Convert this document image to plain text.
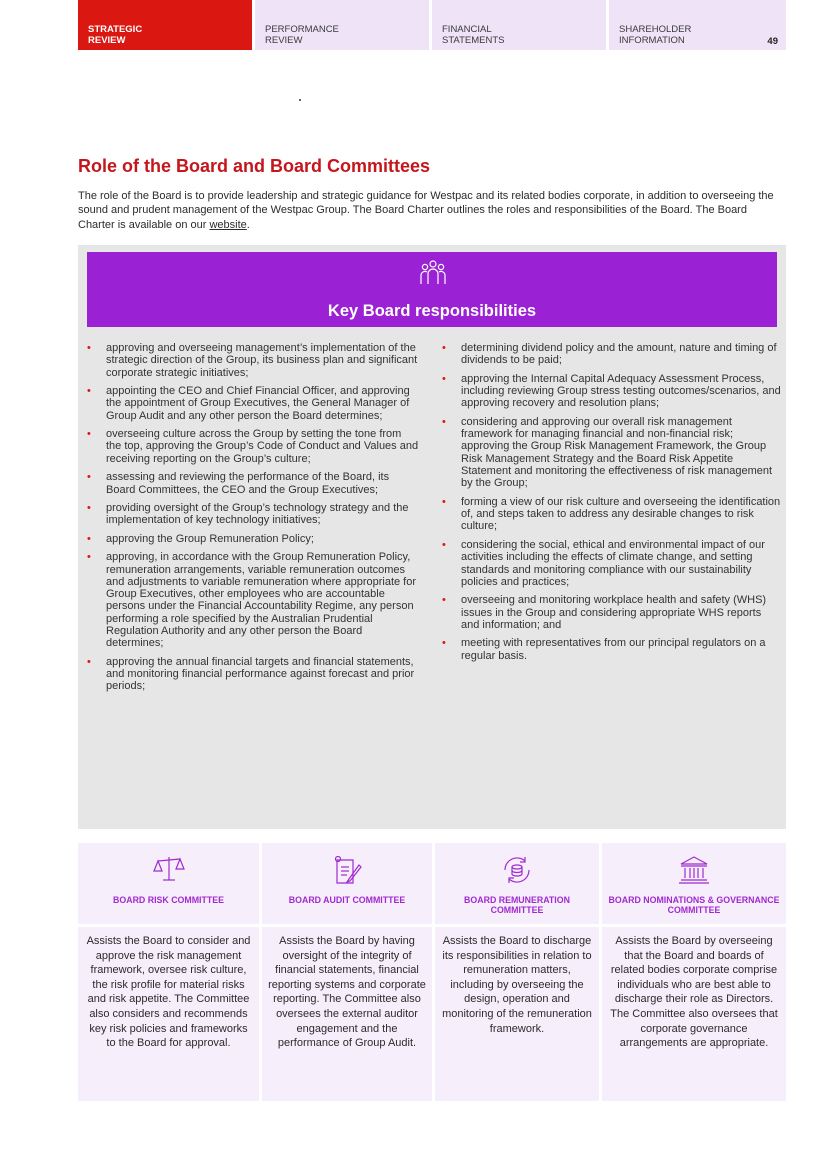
STRATEGIC
REVIEW
PERFORMANCE
REVIEW
FINANCIAL
STATEMENTS
SHAREHOLDER
INFORMATION	49
Role of the Board and Board Committees

The role of the Board is to provide leadership and strategic guidance for Westpac and its related bodies corporate, in addition to overseeing the sound and prudent management of the Westpac Group. The Board Charter outlines the roles and responsibilities of the Board. The Board Charter is available on our website.

Key Board responsibilities
• approving and overseeing management’s implementation of the strategic direction of the Group, its business plan and significant corporate strategic initiatives;
• appointing the CEO and Chief Financial Officer, and approving the appointment of Group Executives, the General Manager of Group Audit and any other person the Board determines;
• overseeing culture across the Group by setting the tone from the top, approving the Group’s Code of Conduct and Values and receiving reporting on the Group’s culture;
• assessing and reviewing the performance of the Board, its Board Committees, the CEO and the Group Executives;
• providing oversight of the Group’s technology strategy and the implementation of key technology initiatives;
• approving the Group Remuneration Policy;
• approving, in accordance with the Group Remuneration Policy, remuneration arrangements, variable remuneration outcomes and adjustments to variable remuneration where appropriate for Group Executives, other employees who are accountable persons under the Financial Accountability Regime, any person performing a role specified by the Australian Prudential Regulation Authority and any other person the Board determines;
• approving the annual financial targets and financial statements, and monitoring financial performance against forecast and prior periods;
• determining dividend policy and the amount, nature and timing of dividends to be paid;
• approving the Internal Capital Adequacy Assessment Process, including reviewing Group stress testing outcomes/scenarios, and approving recovery and resolution plans;
• considering and approving our overall risk management framework for managing financial and non-financial risk; approving the Group Risk Management Framework, the Group Risk Management Strategy and the Board Risk Appetite Statement and monitoring the effectiveness of risk management by the Group;
• forming a view of our risk culture and overseeing the identification of, and steps taken to address any desirable changes to risk culture;
• considering the social, ethical and environmental impact of our activities including the effects of climate change, and setting standards and monitoring compliance with our sustainability policies and practices;
• overseeing and monitoring workplace health and safety (WHS) issues in the Group and considering appropriate WHS reports and information; and
• meeting with representatives from our principal regulators on a regular basis.
BOARD RISK COMMITTEE
Assists the Board to consider and approve the risk management framework, oversee risk culture, the risk profile for material risks and risk appetite. The Committee also considers and recommends key risk policies and frameworks to the Board for approval.
BOARD AUDIT COMMITTEE
Assists the Board by having oversight of the integrity of financial statements, financial reporting systems and corporate reporting. The Committee also oversees the external auditor engagement and the performance of Group Audit.
BOARD REMUNERATION COMMITTEE
Assists the Board to discharge its responsibilities in relation to remuneration matters, including by overseeing the design, operation and monitoring of the remuneration framework.
BOARD NOMINATIONS & GOVERNANCE COMMITTEE
Assists the Board by overseeing that the Board and boards of related bodies corporate comprise individuals who are best able to discharge their role as Directors. The Committee also oversees that corporate governance arrangements are appropriate.
